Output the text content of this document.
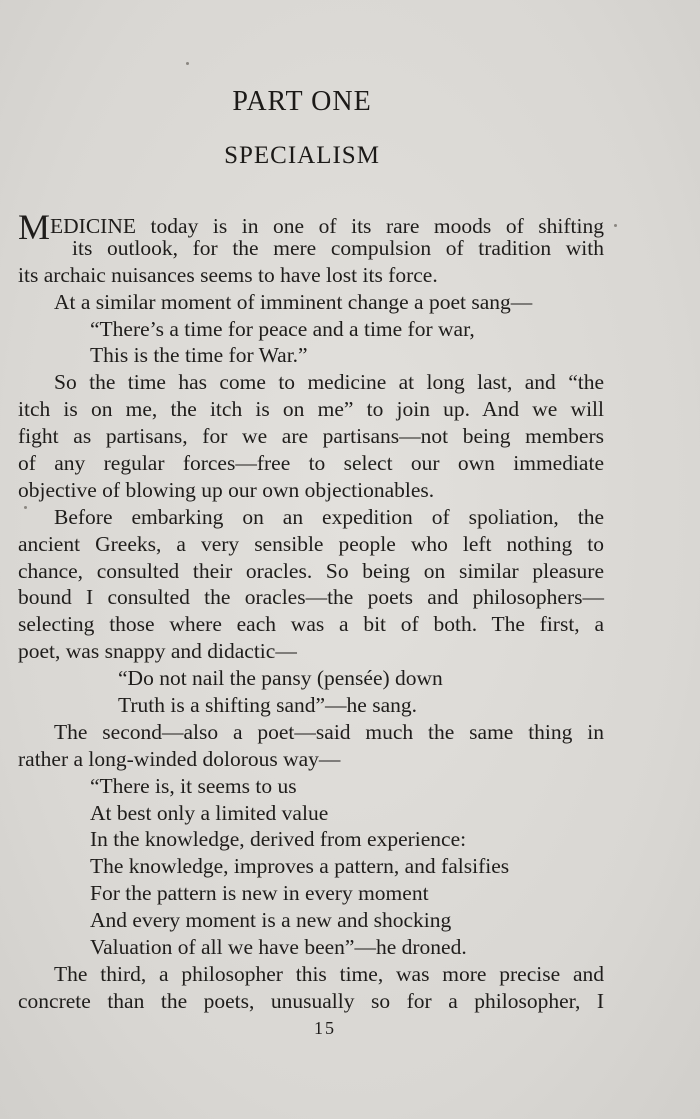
PART ONE
SPECIALISM
MEDICINE today is in one of its rare moods of shifting
its outlook, for the mere compulsion of tradition with
its archaic nuisances seems to have lost its force.
At a similar moment of imminent change a poet sang—
“There’s a time for peace and a time for war,
This is the time for War.”
So the time has come to medicine at long last, and “the
itch is on me, the itch is on me” to join up. And we will
fight as partisans, for we are partisans—not being members
of any regular forces—free to select our own immediate
objective of blowing up our own objectionables.
Before embarking on an expedition of spoliation, the
ancient Greeks, a very sensible people who left nothing to
chance, consulted their oracles. So being on similar pleasure
bound I consulted the oracles—the poets and philosophers—
selecting those where each was a bit of both. The first, a
poet, was snappy and didactic—
“Do not nail the pansy (pensée) down
Truth is a shifting sand”—he sang.
The second—also a poet—said much the same thing in
rather a long-winded dolorous way—
“There is, it seems to us
At best only a limited value
In the knowledge, derived from experience:
The knowledge, improves a pattern, and falsifies
For the pattern is new in every moment
And every moment is a new and shocking
Valuation of all we have been”—he droned.
The third, a philosopher this time, was more precise and
concrete than the poets, unusually so for a philosopher, I
15
